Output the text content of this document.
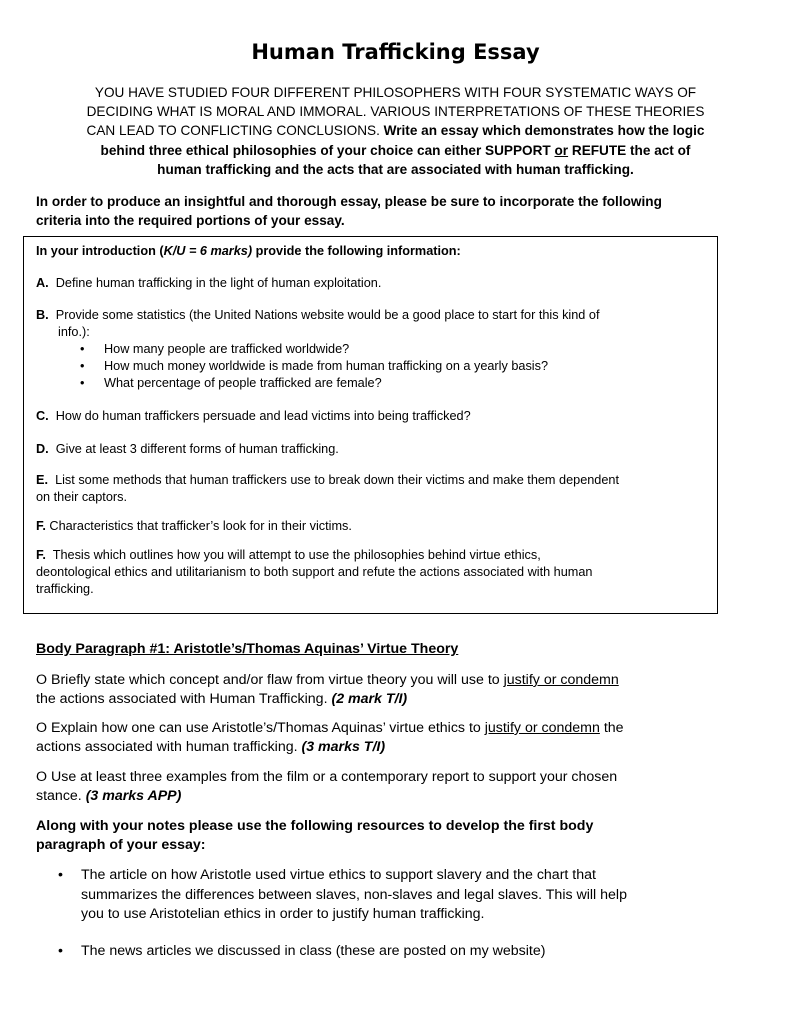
Human Trafficking Essay
YOU HAVE STUDIED FOUR DIFFERENT PHILOSOPHERS WITH FOUR SYSTEMATIC WAYS OF
DECIDING WHAT IS MORAL AND IMMORAL. VARIOUS INTERPRETATIONS OF THESE THEORIES
CAN LEAD TO CONFLICTING CONCLUSIONS. Write an essay which demonstrates how the logic
behind three ethical philosophies of your choice can either SUPPORT or REFUTE the act of
human trafficking and the acts that are associated with human trafficking.
In order to produce an insightful and thorough essay, please be sure to incorporate the following
criteria into the required portions of your essay.
In your introduction (K/U = 6 marks) provide the following information:
A. Define human trafficking in the light of human exploitation.
B. Provide some statistics (the United Nations website would be a good place to start for this kind of
info.):
• How many people are trafficked worldwide?
• How much money worldwide is made from human trafficking on a yearly basis?
• What percentage of people trafficked are female?
C. How do human traffickers persuade and lead victims into being trafficked?
D. Give at least 3 different forms of human trafficking.
E. List some methods that human traffickers use to break down their victims and make them dependent
on their captors.
F. Characteristics that trafficker’s look for in their victims.
F. Thesis which outlines how you will attempt to use the philosophies behind virtue ethics,
deontological ethics and utilitarianism to both support and refute the actions associated with human
trafficking.
Body Paragraph #1: Aristotle’s/Thomas Aquinas’ Virtue Theory
O Briefly state which concept and/or flaw from virtue theory you will use to justify or condemn
the actions associated with Human Trafficking. (2 mark T/I)
O Explain how one can use Aristotle’s/Thomas Aquinas’ virtue ethics to justify or condemn the
actions associated with human trafficking. (3 marks T/I)
O Use at least three examples from the film or a contemporary report to support your chosen
stance. (3 marks APP)
Along with your notes please use the following resources to develop the first body
paragraph of your essay:
• The article on how Aristotle used virtue ethics to support slavery and the chart that
summarizes the differences between slaves, non-slaves and legal slaves. This will help
you to use Aristotelian ethics in order to justify human trafficking.
• The news articles we discussed in class (these are posted on my website)
